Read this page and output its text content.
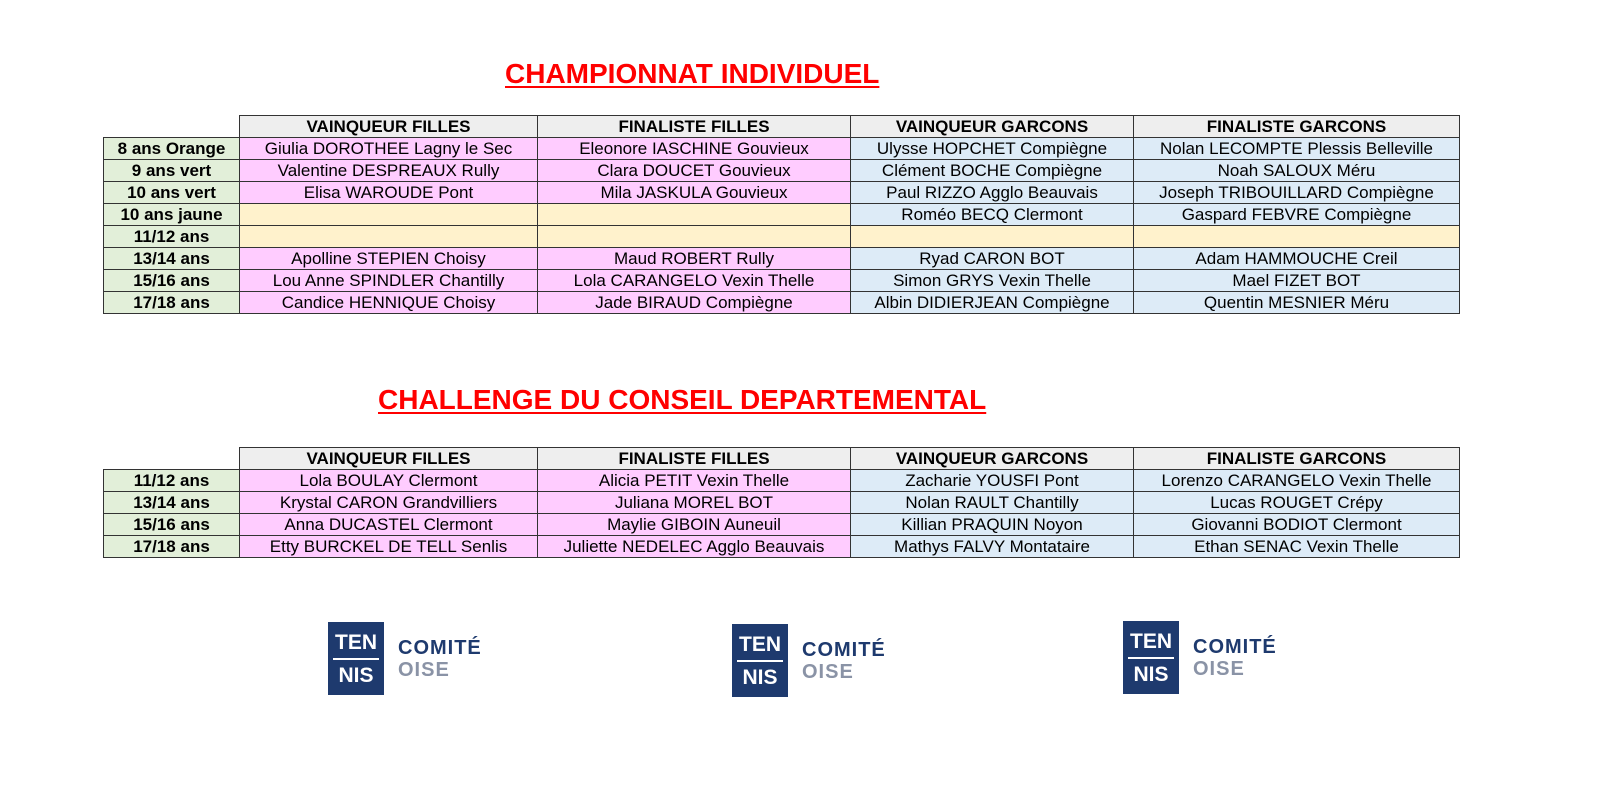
CHAMPIONNAT INDIVIDUEL
	VAINQUEUR FILLES	FINALISTE FILLES	VAINQUEUR GARCONS	FINALISTE GARCONS
8 ans Orange	Giulia DOROTHEE Lagny le Sec	Eleonore IASCHINE Gouvieux	Ulysse HOPCHET Compiègne	Nolan LECOMPTE Plessis Belleville
9 ans vert	Valentine DESPREAUX Rully	Clara DOUCET Gouvieux	Clément BOCHE Compiègne	Noah SALOUX Méru
10 ans vert	Elisa WAROUDE Pont	Mila JASKULA Gouvieux	Paul RIZZO Agglo Beauvais	Joseph TRIBOUILLARD Compiègne
10 ans jaune			Roméo BECQ Clermont	Gaspard FEBVRE Compiègne
11/12 ans				
13/14 ans	Apolline STEPIEN Choisy	Maud ROBERT Rully	Ryad CARON BOT	Adam HAMMOUCHE Creil
15/16 ans	Lou Anne SPINDLER Chantilly	Lola CARANGELO Vexin Thelle	Simon GRYS Vexin Thelle	Mael FIZET BOT
17/18 ans	Candice HENNIQUE Choisy	Jade BIRAUD Compiègne	Albin DIDIERJEAN Compiègne	Quentin MESNIER Méru
CHALLENGE DU CONSEIL DEPARTEMENTAL
	VAINQUEUR FILLES	FINALISTE FILLES	VAINQUEUR GARCONS	FINALISTE GARCONS
11/12 ans	Lola BOULAY Clermont	Alicia PETIT Vexin Thelle	Zacharie YOUSFI Pont	Lorenzo CARANGELO Vexin Thelle
13/14 ans	Krystal CARON Grandvilliers	Juliana MOREL BOT	Nolan RAULT Chantilly	Lucas ROUGET Crépy
15/16 ans	Anna DUCASTEL Clermont	Maylie GIBOIN Auneuil	Killian PRAQUIN Noyon	Giovanni BODIOT Clermont
17/18 ans	Etty BURCKEL DE TELL Senlis	Juliette NEDELEC Agglo Beauvais	Mathys FALVY Montataire	Ethan SENAC Vexin Thelle
TEN
NIS
COMITÉ
OISE
TEN
NIS
COMITÉ
OISE
TEN
NIS
COMITÉ
OISE
